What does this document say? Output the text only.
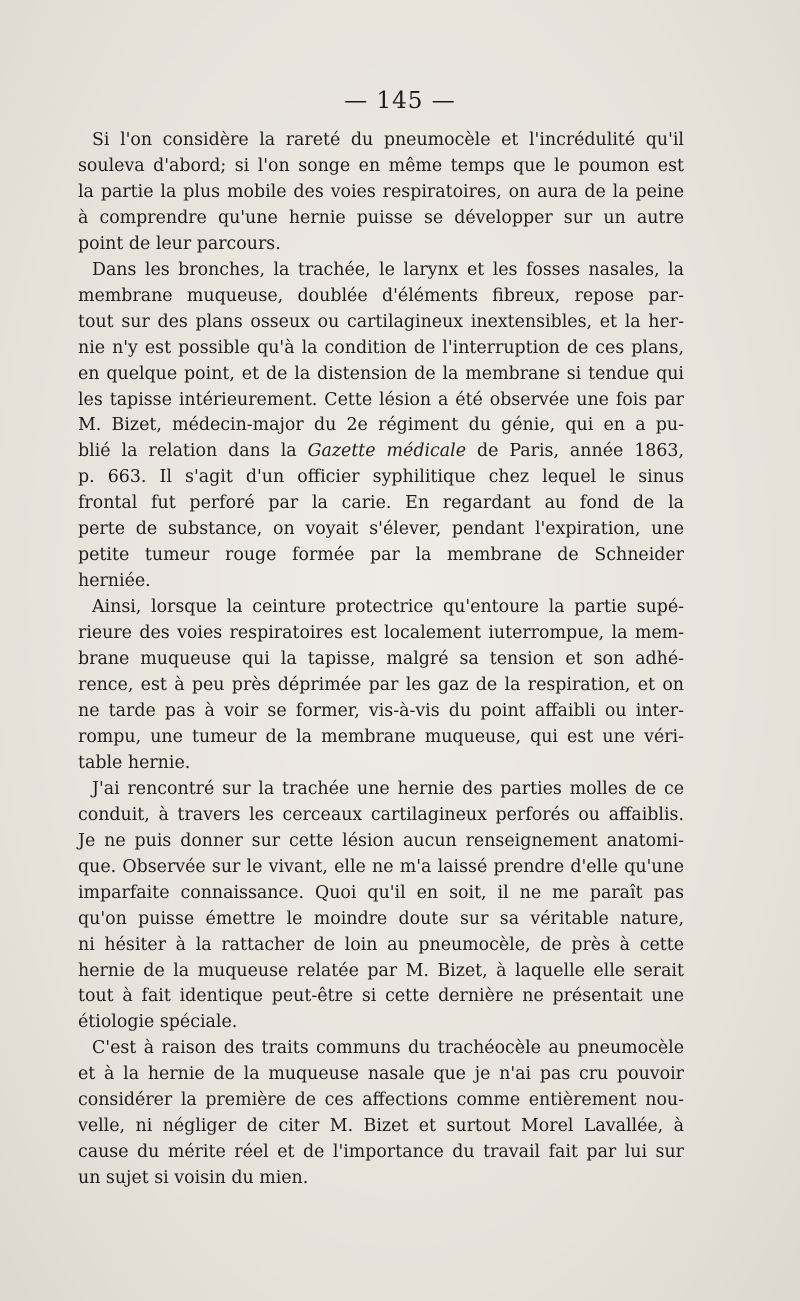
— 145 —
Si l'on considère la rareté du pneumocèle et l'incrédulité qu'il
souleva d'abord; si l'on songe en même temps que le poumon est
la partie la plus mobile des voies respiratoires, on aura de la peine
à comprendre qu'une hernie puisse se développer sur un autre
point de leur parcours.
Dans les bronches, la trachée, le larynx et les fosses nasales, la
membrane muqueuse, doublée d'éléments fibreux, repose par-
tout sur des plans osseux ou cartilagineux inextensibles, et la her-
nie n'y est possible qu'à la condition de l'interruption de ces plans,
en quelque point, et de la distension de la membrane si tendue qui
les tapisse intérieurement. Cette lésion a été observée une fois par
M. Bizet, médecin-major du 2e régiment du génie, qui en a pu-
blié la relation dans la Gazette médicale de Paris, année 1863,
p. 663. Il s'agit d'un officier syphilitique chez lequel le sinus
frontal fut perforé par la carie. En regardant au fond de la
perte de substance, on voyait s'élever, pendant l'expiration, une
petite tumeur rouge formée par la membrane de Schneider
herniée.
Ainsi, lorsque la ceinture protectrice qu'entoure la partie supé-
rieure des voies respiratoires est localement iuterrompue, la mem-
brane muqueuse qui la tapisse, malgré sa tension et son adhé-
rence, est à peu près déprimée par les gaz de la respiration, et on
ne tarde pas à voir se former, vis-à-vis du point affaibli ou inter-
rompu, une tumeur de la membrane muqueuse, qui est une véri-
table hernie.
J'ai rencontré sur la trachée une hernie des parties molles de ce
conduit, à travers les cerceaux cartilagineux perforés ou affaiblis.
Je ne puis donner sur cette lésion aucun renseignement anatomi-
que. Observée sur le vivant, elle ne m'a laissé prendre d'elle qu'une
imparfaite connaissance. Quoi qu'il en soit, il ne me paraît pas
qu'on puisse émettre le moindre doute sur sa véritable nature,
ni hésiter à la rattacher de loin au pneumocèle, de près à cette
hernie de la muqueuse relatée par M. Bizet, à laquelle elle serait
tout à fait identique peut-être si cette dernière ne présentait une
étiologie spéciale.
C'est à raison des traits communs du trachéocèle au pneumocèle
et à la hernie de la muqueuse nasale que je n'ai pas cru pouvoir
considérer la première de ces affections comme entièrement nou-
velle, ni négliger de citer M. Bizet et surtout Morel Lavallée, à
cause du mérite réel et de l'importance du travail fait par lui sur
un sujet si voisin du mien.
